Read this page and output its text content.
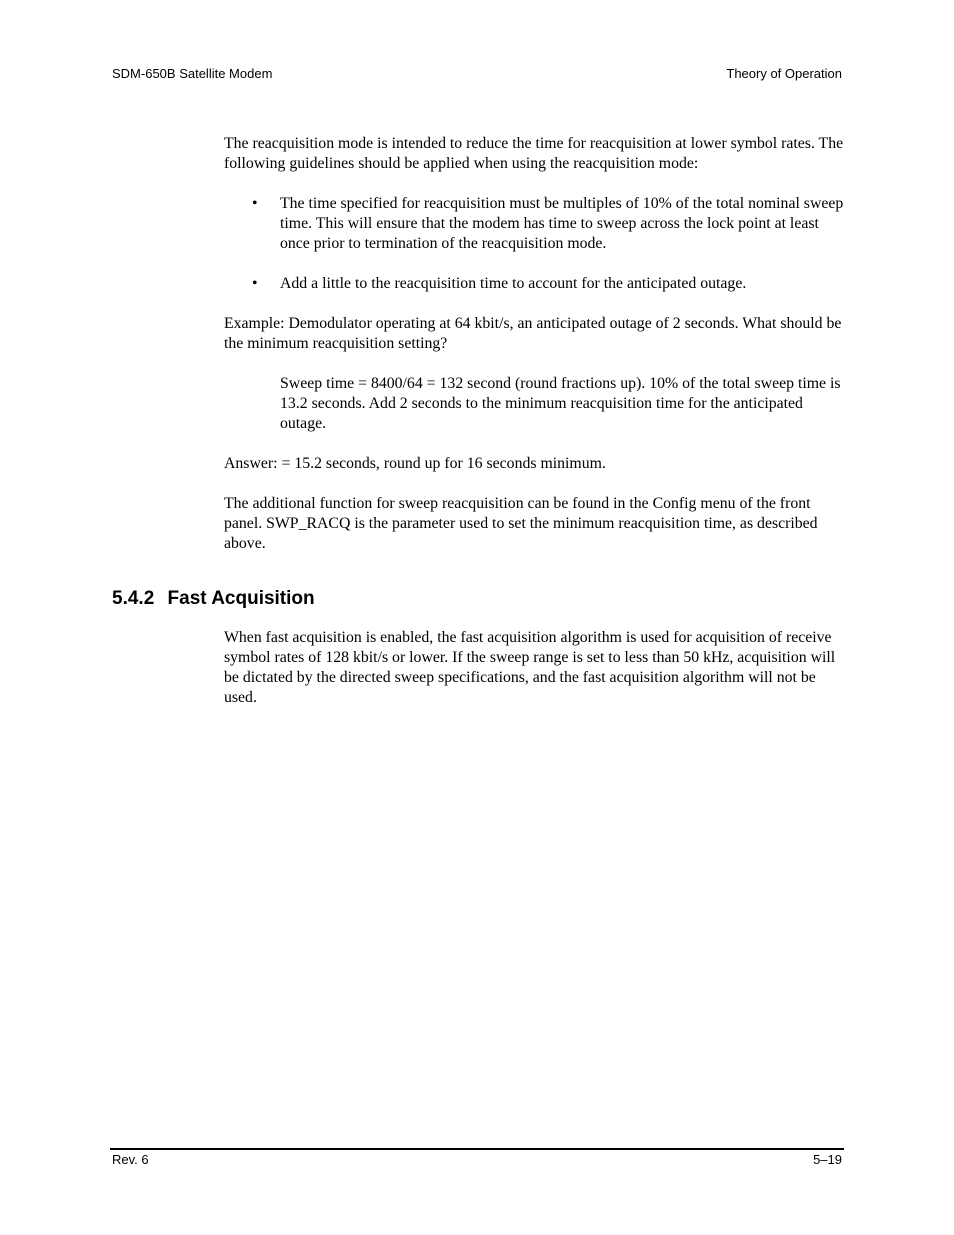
SDM-650B Satellite Modem	Theory of Operation

The reacquisition mode is intended to reduce the time for reacquisition at lower symbol rates. The following guidelines should be applied when using the reacquisition mode:

• The time specified for reacquisition must be multiples of 10% of the total nominal sweep time. This will ensure that the modem has time to sweep across the lock point at least once prior to termination of the reacquisition mode.
• Add a little to the reacquisition time to account for the anticipated outage.

Example: Demodulator operating at 64 kbit/s, an anticipated outage of 2 seconds. What should be the minimum reacquisition setting?

Sweep time = 8400/64 = 132 second (round fractions up). 10% of the total sweep time is 13.2 seconds. Add 2 seconds to the minimum reacquisition time for the anticipated outage.

Answer: = 15.2 seconds, round up for 16 seconds minimum.

The additional function for sweep reacquisition can be found in the Config menu of the front panel. SWP_RACQ is the parameter used to set the minimum reacquisition time, as described above.

5.4.2 Fast Acquisition

When fast acquisition is enabled, the fast acquisition algorithm is used for acquisition of receive symbol rates of 128 kbit/s or lower. If the sweep range is set to less than 50 kHz, acquisition will be dictated by the directed sweep specifications, and the fast acquisition algorithm will not be used.

Rev. 6	5–19
